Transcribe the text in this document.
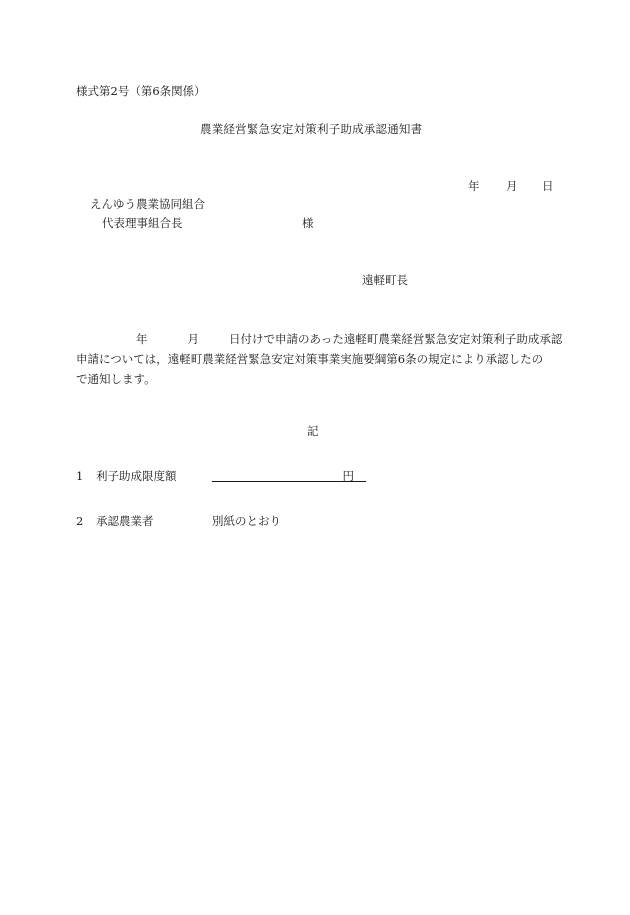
様式第2号（第6条関係）
農業経営緊急安定対策利子助成承認通知書
年	月	日
えんゆう農業協同組合
代表理事組合長	様
遠軽町長
年	月	日付けで申請のあった遠軽町農業経営緊急安定対策利子助成承認
申請については，遠軽町農業経営緊急安定対策事業実施要綱第6条の規定により承認したの
で通知します。
記
1 利子助成限度額	円
2 承認農業者	別紙のとおり
